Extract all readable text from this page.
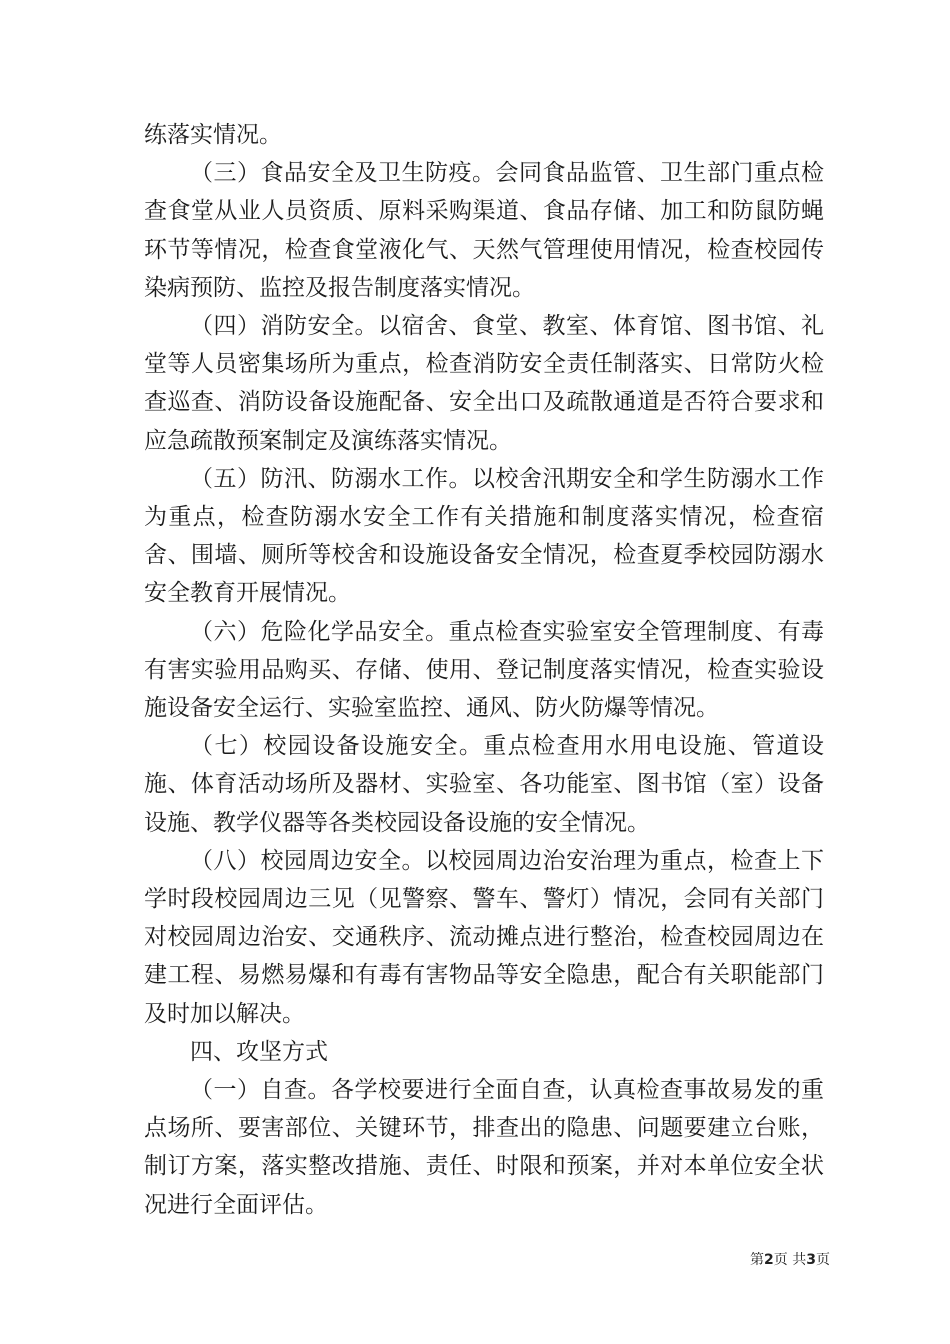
练落实情况。

（三）食品安全及卫生防疫。会同食品监管、卫生部门重点检查食堂从业人员资质、原料采购渠道、食品存储、加工和防鼠防蝇环节等情况，检查食堂液化气、天然气管理使用情况，检查校园传染病预防、监控及报告制度落实情况。

（四）消防安全。以宿舍、食堂、教室、体育馆、图书馆、礼堂等人员密集场所为重点，检查消防安全责任制落实、日常防火检查巡查、消防设备设施配备、安全出口及疏散通道是否符合要求和应急疏散预案制定及演练落实情况。

（五）防汛、防溺水工作。以校舍汛期安全和学生防溺水工作为重点，检查防溺水安全工作有关措施和制度落实情况，检查宿舍、围墙、厕所等校舍和设施设备安全情况，检查夏季校园防溺水安全教育开展情况。

（六）危险化学品安全。重点检查实验室安全管理制度、有毒有害实验用品购买、存储、使用、登记制度落实情况，检查实验设施设备安全运行、实验室监控、通风、防火防爆等情况。

（七）校园设备设施安全。重点检查用水用电设施、管道设施、体育活动场所及器材、实验室、各功能室、图书馆（室）设备设施、教学仪器等各类校园设备设施的安全情况。

（八）校园周边安全。以校园周边治安治理为重点，检查上下学时段校园周边三见（见警察、警车、警灯）情况，会同有关部门对校园周边治安、交通秩序、流动摊点进行整治，检查校园周边在建工程、易燃易爆和有毒有害物品等安全隐患，配合有关职能部门及时加以解决。

四、攻坚方式

（一）自查。各学校要进行全面自查，认真检查事故易发的重点场所、要害部位、关键环节，排查出的隐患、问题要建立台账，制订方案，落实整改措施、责任、时限和预案，并对本单位安全状况进行全面评估。

第2页 共3页
